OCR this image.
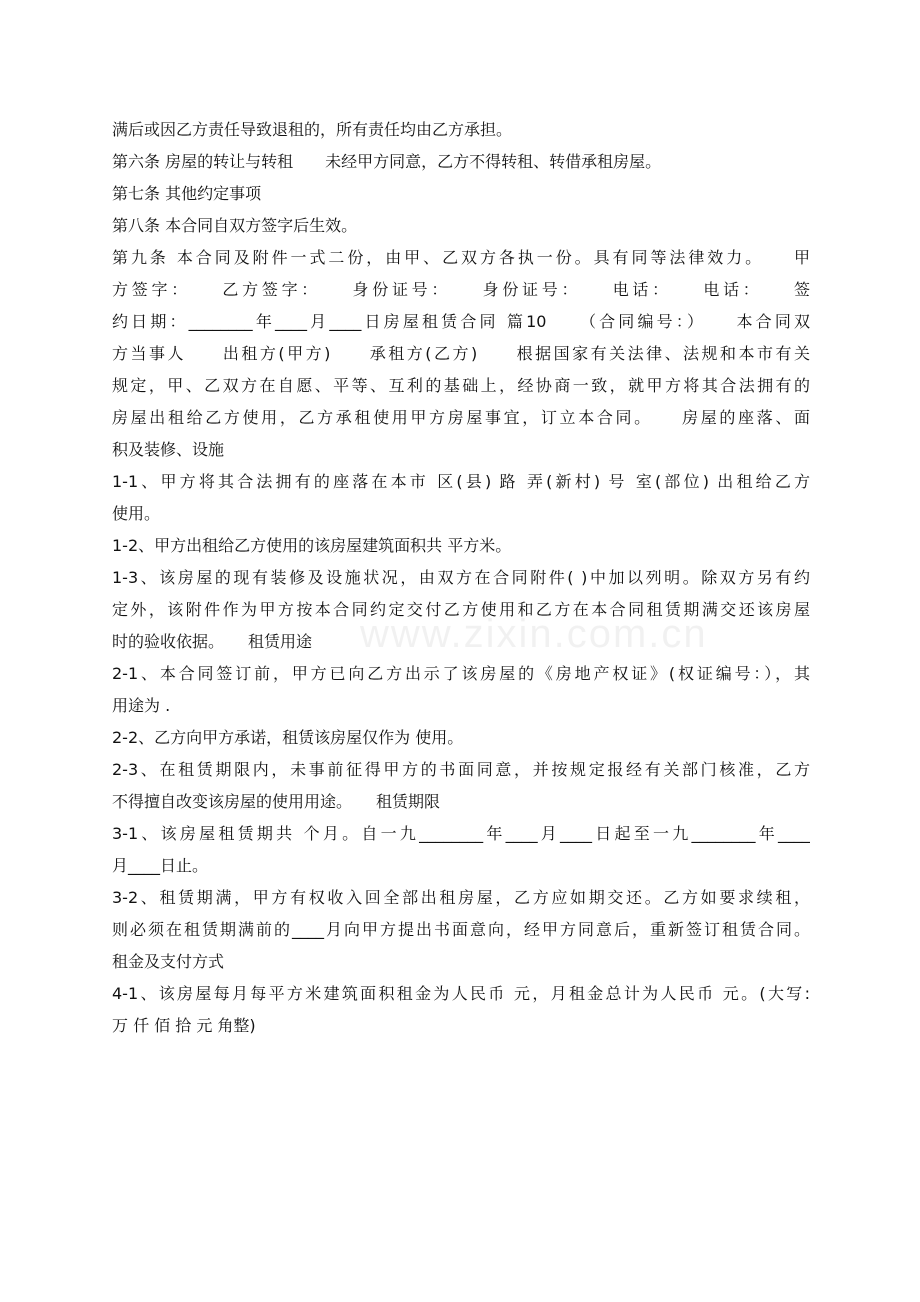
满后或因乙方责任导致退租的，所有责任均由乙方承担。
第六条 房屋的转让与转租　　未经甲方同意，乙方不得转租、转借承租房屋。
第七条 其他约定事项
第八条 本合同自双方签字后生效。
第九条 本合同及附件一式二份，由甲、乙双方各执一份。具有同等法律效力。　　甲
方签字：　　乙方签字：　　身份证号：　　身份证号：　　电话：　　电话：　　签
约日期：________年____月____日房屋租赁合同 篇10　　（合同编号：）　　本合同双
方当事人　　出租方(甲方)　　承租方(乙方)　　根据国家有关法律、法规和本市有关
规定，甲、乙双方在自愿、平等、互利的基础上，经协商一致，就甲方将其合法拥有的
房屋出租给乙方使用，乙方承租使用甲方房屋事宜，订立本合同。　　房屋的座落、面
积及装修、设施
1-1、甲方将其合法拥有的座落在本市 区(县) 路 弄(新村) 号 室(部位) 出租给乙方
使用。
1-2、甲方出租给乙方使用的该房屋建筑面积共 平方米。
1-3、该房屋的现有装修及设施状况，由双方在合同附件( )中加以列明。除双方另有约
定外，该附件作为甲方按本合同约定交付乙方使用和乙方在本合同租赁期满交还该房屋
时的验收依据。　　租赁用途
2-1、本合同签订前，甲方已向乙方出示了该房屋的《房地产权证》(权证编号：），其
用途为 .
2-2、乙方向甲方承诺，租赁该房屋仅作为 使用。
2-3、在租赁期限内，未事前征得甲方的书面同意，并按规定报经有关部门核准，乙方
不得擅自改变该房屋的使用用途。　　租赁期限
3-1、该房屋租赁期共 个月。自一九________年____月____日起至一九________年____
月____日止。
3-2、租赁期满，甲方有权收入回全部出租房屋，乙方应如期交还。乙方如要求续租，
则必须在租赁期满前的____月向甲方提出书面意向，经甲方同意后，重新签订租赁合同。
租金及支付方式
4-1、该房屋每月每平方米建筑面积租金为人民币 元，月租金总计为人民币 元。(大写:
万 仟 佰 拾 元 角整)
www.zixin.com.cn
